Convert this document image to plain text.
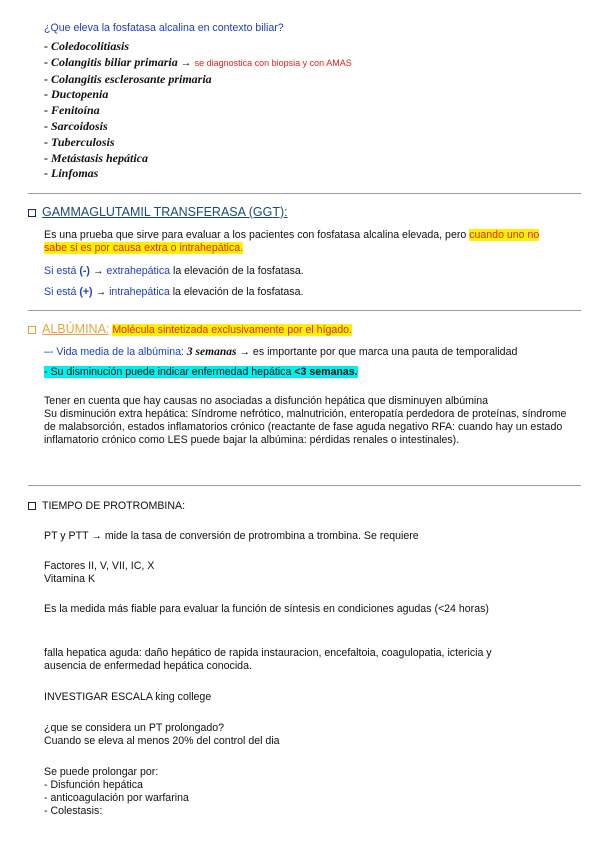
¿Que eleva la fosfatasa alcalina en contexto biliar?
- Coledocolitiasis
- Colangitis biliar primaria → se diagnostica con biopsia y con AMAS
- Colangitis esclerosante primaria
- Ductopenia
- Fenitoína
- Sarcoidosis
- Tuberculosis
- Metástasis hepática
- Linfomas
GAMMAGLUTAMIL TRANSFERASA (GGT):
Es una prueba que sirve para evaluar a los pacientes con fosfatasa alcalina elevada, pero cuando uno no
sabe si es por causa extra o intrahepática.
Si está (-) → extrahepática la elevación de la fosfatasa.
Si está (+) → intrahepática la elevación de la fosfatasa.
ALBÚMINA: Molécula sintetizada exclusivamente por el hígado.
–- Vida media de la albúmina: 3 semanas → es importante por que marca una pauta de temporalidad
- Su disminución puede indicar enfermedad hepática <3 semanas.
Tener en cuenta que hay causas no asociadas a disfunción hepática que disminuyen albúmina
Su disminución extra hepática: Síndrome nefrótico, malnutrición, enteropatía perdedora de proteínas, síndrome de malabsorción, estados inflamatorios crónico (reactante de fase aguda negativo RFA: cuando hay un estado inflamatorio crónico como LES puede bajar la albúmina: pérdidas renales o intestinales).
TIEMPO DE PROTROMBINA:
PT y PTT → mide la tasa de conversión de protrombina a trombina. Se requiere
Factores II, V, VII, IC, X
Vitamina K
Es la medida más fiable para evaluar la función de síntesis en condiciones agudas (<24 horas)
falla hepatica aguda: daño hepático de rapida instauracion, encefaltoia, coagulopatia, ictericia y ausencia de enfermedad hepática conocida.
INVESTIGAR ESCALA king college
¿que se considera un PT prolongado?
Cuando se eleva al menos 20% del control del dia
Se puede prolongar por:
- Disfunción hepática
- anticoagulación por warfarina
- Colestasis:
